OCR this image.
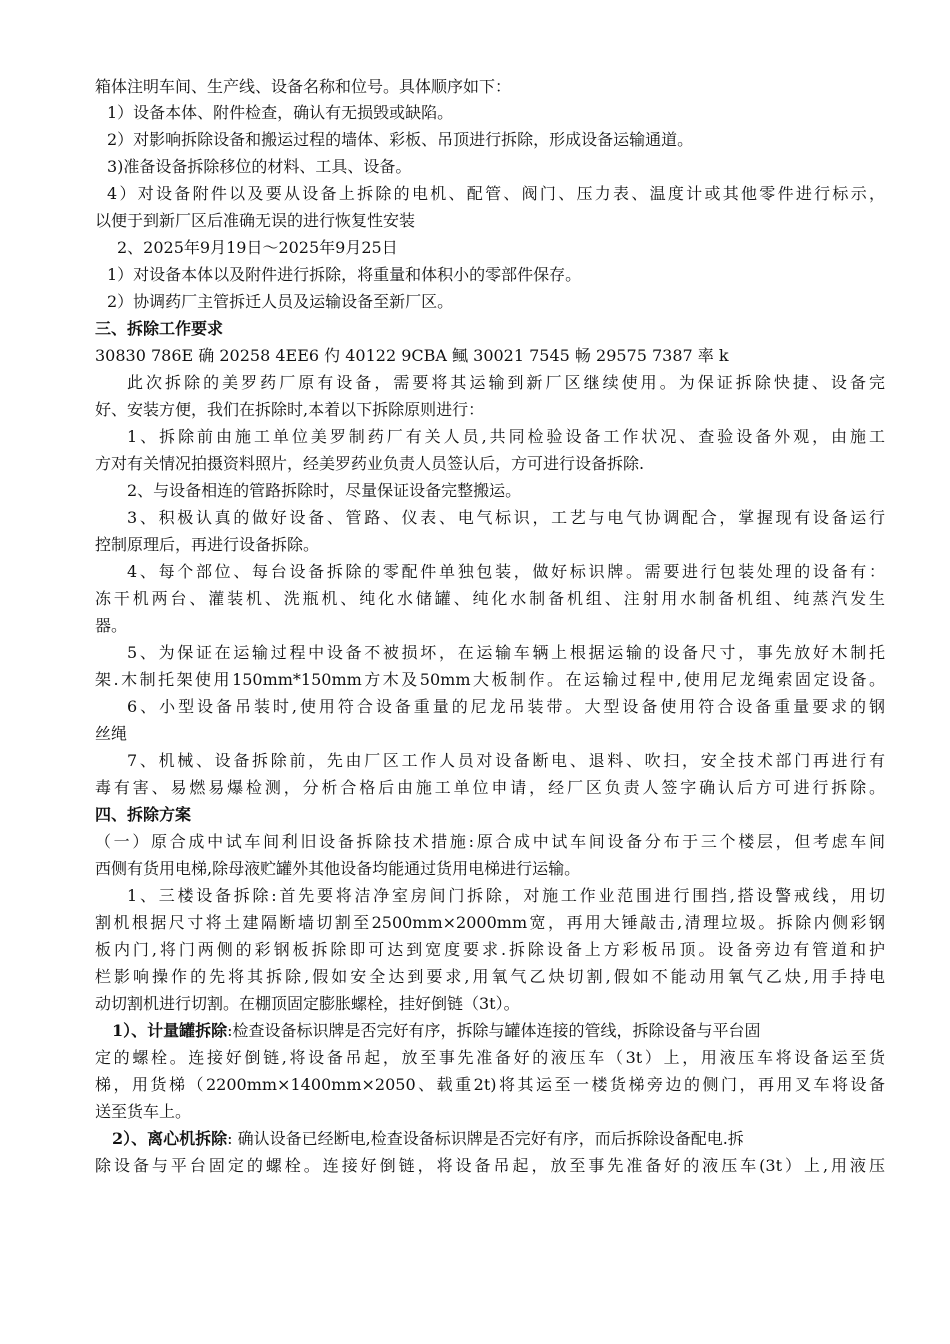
箱体注明车间、生产线、设备名称和位号。具体顺序如下：
1）设备本体、附件检查，确认有无损毁或缺陷。
2）对影响拆除设备和搬运过程的墙体、彩板、吊顶进行拆除，形成设备运输通道。
3)准备设备拆除移位的材料、工具、设备。
4）对设备附件以及要从设备上拆除的电机、配管、阀门、压力表、温度计或其他零件进行标示，
以便于到新厂区后准确无误的进行恢复性安装
2、2025年9月19日～2025年9月25日
1）对设备本体以及附件进行拆除，将重量和体积小的零部件保存。
2）协调药厂主管拆迁人员及运输设备至新厂区。
三、拆除工作要求
30830 786E 确 20258 4EE6 仢 40122 9CBA 鲺 30021 7545 畅 29575 7387 率 k
此次拆除的美罗药厂原有设备，需要将其运输到新厂区继续使用。为保证拆除快捷、设备完
好、安装方便，我们在拆除时,本着以下拆除原则进行：
1、拆除前由施工单位美罗制药厂有关人员,共同检验设备工作状况、查验设备外观，由施工
方对有关情况拍摄资料照片，经美罗药业负责人员签认后，方可进行设备拆除.
2、与设备相连的管路拆除时，尽量保证设备完整搬运。
3、积极认真的做好设备、管路、仪表、电气标识，工艺与电气协调配合，掌握现有设备运行
控制原理后，再进行设备拆除。
4、每个部位、每台设备拆除的零配件单独包装，做好标识牌。需要进行包装处理的设备有：
冻干机两台、灌装机、洗瓶机、纯化水储罐、纯化水制备机组、注射用水制备机组、纯蒸汽发生
器。
5、为保证在运输过程中设备不被损坏，在运输车辆上根据运输的设备尺寸，事先放好木制托
架.木制托架使用150mm*150mm方木及50mm大板制作。在运输过程中,使用尼龙绳索固定设备。
6、小型设备吊装时,使用符合设备重量的尼龙吊装带。大型设备使用符合设备重量要求的钢
丝绳
7、机械、设备拆除前，先由厂区工作人员对设备断电、退料、吹扫，安全技术部门再进行有
毒有害、易燃易爆检测，分析合格后由施工单位申请，经厂区负责人签字确认后方可进行拆除。
四、拆除方案
（一）原合成中试车间利旧设备拆除技术措施:原合成中试车间设备分布于三个楼层，但考虑车间
西侧有货用电梯,除母液贮罐外其他设备均能通过货用电梯进行运输。
1、三楼设备拆除:首先要将洁净室房间门拆除，对施工作业范围进行围挡,搭设警戒线，用切
割机根据尺寸将土建隔断墙切割至2500mm×2000mm宽，再用大锤敲击,清理垃圾。拆除内侧彩钢
板内门,将门两侧的彩钢板拆除即可达到宽度要求.拆除设备上方彩板吊顶。设备旁边有管道和护
栏影响操作的先将其拆除,假如安全达到要求,用氧气乙炔切割,假如不能动用氧气乙炔,用手持电
动切割机进行切割。在棚顶固定膨胀螺栓，挂好倒链（3t）。
1）、计量罐拆除:检查设备标识牌是否完好有序，拆除与罐体连接的管线，拆除设备与平台固
定的螺栓。连接好倒链,将设备吊起，放至事先准备好的液压车（3t）上，用液压车将设备运至货
梯，用货梯（2200mm×1400mm×2050、载重2t)将其运至一楼货梯旁边的侧门，再用叉车将设备
送至货车上。
2）、离心机拆除: 确认设备已经断电,检查设备标识牌是否完好有序，而后拆除设备配电.拆
除设备与平台固定的螺栓。连接好倒链，将设备吊起，放至事先准备好的液压车(3t）上,用液压
